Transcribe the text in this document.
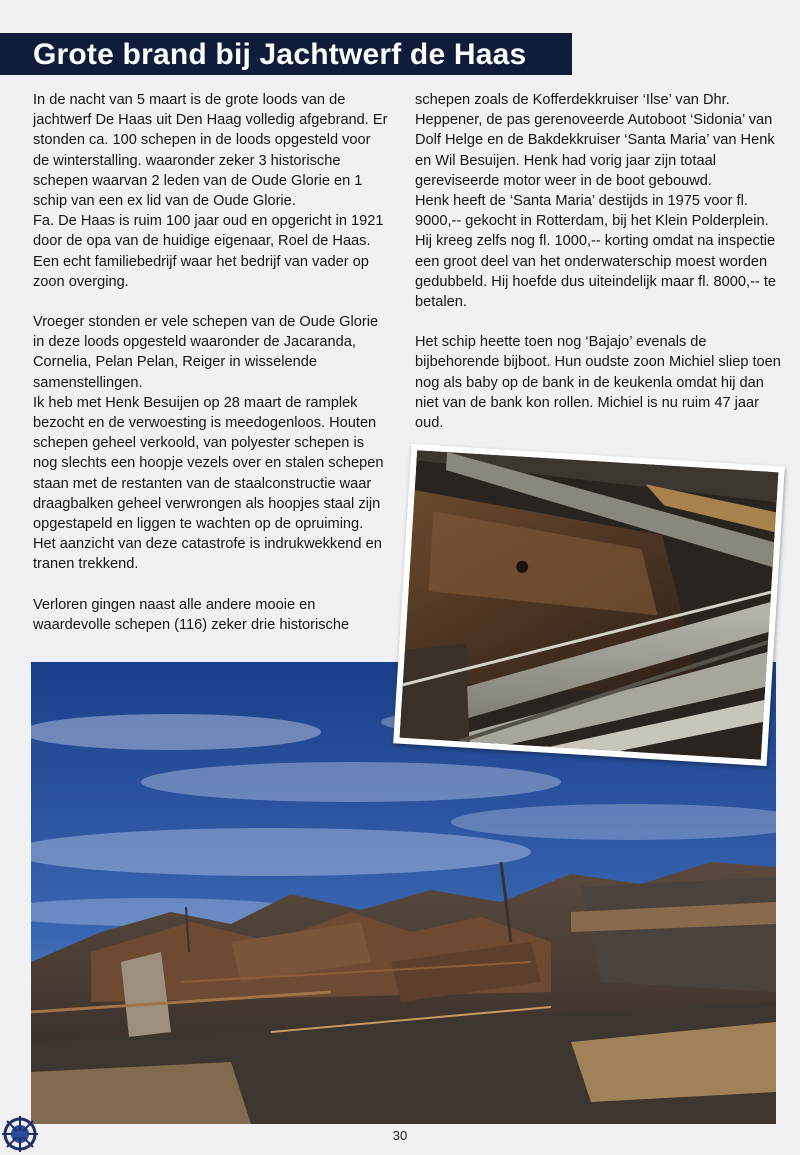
Grote brand bij Jachtwerf de Haas

In de nacht van 5 maart is de grote loods van de jachtwerf De Haas uit Den Haag volledig afgebrand. Er stonden ca. 100 schepen in de loods opgesteld voor de winterstalling. waaronder zeker 3 historische schepen waarvan 2 leden van de Oude Glorie en 1 schip van een ex lid van de Oude Glorie.

Fa. De Haas is ruim 100 jaar oud en opgericht in 1921 door de opa van de huidige eigenaar, Roel de Haas. Een echt familiebedrijf waar het bedrijf van vader op zoon overging.

Vroeger stonden er vele schepen van de Oude Glorie in deze loods opgesteld waaronder de Jacaranda, Cornelia, Pelan Pelan, Reiger in wisselende samenstellingen.

Ik heb met Henk Besuijen op 28 maart de ramplek bezocht en de verwoesting is meedogenloos. Houten schepen geheel verkoold, van polyester schepen is nog slechts een hoopje vezels over en stalen schepen staan met de restanten van de staalconstructie waar draagbalken geheel verwrongen als hoopjes staal zijn opgestapeld en liggen te wachten op de opruiming. Het aanzicht van deze catastrofe is indrukwekkend en tranen trekkend.

Verloren gingen naast alle andere mooie en waardevolle schepen (116) zeker drie historische

schepen zoals de Kofferdekkruiser ‘Ilse’ van Dhr. Heppener, de pas gerenoveerde Autoboot ‘Sidonia’ van Dolf Helge en de Bakdekkruiser ‘Santa Maria’ van Henk en Wil Besuijen. Henk had vorig jaar zijn totaal gereviseerde motor weer in de boot gebouwd.

Henk heeft de ‘Santa Maria’ destijds in 1975 voor fl. 9000,-- gekocht in Rotterdam, bij het Klein Polderplein. Hij kreeg zelfs nog fl. 1000,-- korting omdat na inspectie een groot deel van het onderwaterschip moest worden gedubbeld. Hij hoefde dus uiteindelijk maar fl. 8000,-- te betalen.

Het schip heette toen nog ‘Bajajo’ evenals de bijbehorende bijboot. Hun oudste zoon Michiel sliep toen nog als baby op de bank in de keukenla omdat hij dan niet van de bank kon rollen. Michiel is nu ruim 47 jaar oud.

30
